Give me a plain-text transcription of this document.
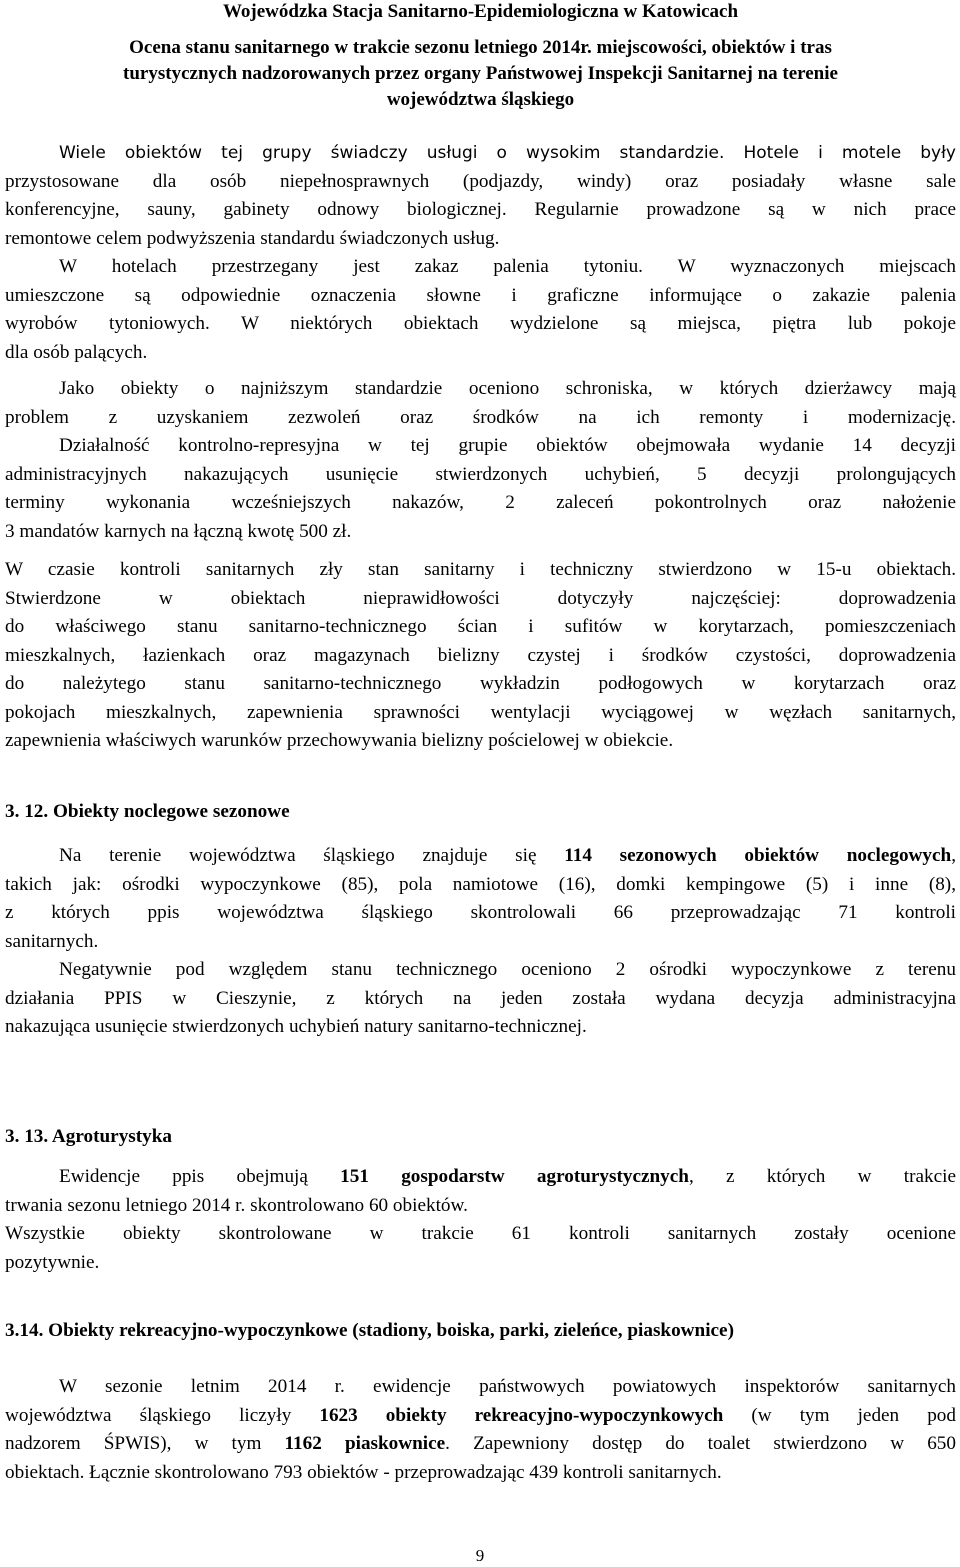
Wojewódzka Stacja Sanitarno-Epidemiologiczna w Katowicach

Ocena stanu sanitarnego w trakcie sezonu letniego 2014r. miejscowości, obiektów i tras

turystycznych nadzorowanych przez organy Państwowej Inspekcji Sanitarnej na terenie

województwa śląskiego

Wiele obiektów tej grupy świadczy usługi o wysokim standardzie. Hotele i motele były

przystosowane dla osób niepełnosprawnych (podjazdy, windy) oraz posiadały własne sale

konferencyjne, sauny, gabinety odnowy biologicznej. Regularnie prowadzone są w nich prace

remontowe celem podwyższenia standardu świadczonych usług.

W hotelach przestrzegany jest zakaz palenia tytoniu. W wyznaczonych miejscach

umieszczone są odpowiednie oznaczenia słowne i graficzne informujące o zakazie palenia

wyrobów tytoniowych. W niektórych obiektach wydzielone są miejsca, piętra lub pokoje

dla osób palących.

Jako obiekty o najniższym standardzie oceniono schroniska, w których dzierżawcy mają

problem z uzyskaniem zezwoleń oraz środków na ich remonty i modernizację.

Działalność kontrolno-represyjna w tej grupie obiektów obejmowała wydanie 14 decyzji

administracyjnych nakazujących usunięcie stwierdzonych uchybień, 5 decyzji prolongujących

terminy wykonania wcześniejszych nakazów, 2 zaleceń pokontrolnych oraz nałożenie

3 mandatów karnych na łączną kwotę 500 zł.

W czasie kontroli sanitarnych zły stan sanitarny i techniczny stwierdzono w 15-u obiektach.

Stwierdzone w obiektach nieprawidłowości dotyczyły najczęściej: doprowadzenia

do właściwego stanu sanitarno-technicznego ścian i sufitów w korytarzach, pomieszczeniach

mieszkalnych, łazienkach oraz magazynach bielizny czystej i środków czystości, doprowadzenia

do należytego stanu sanitarno-technicznego wykładzin podłogowych w korytarzach oraz

pokojach mieszkalnych, zapewnienia sprawności wentylacji wyciągowej w węzłach sanitarnych,

zapewnienia właściwych warunków przechowywania bielizny pościelowej w obiekcie.

3. 12. Obiekty noclegowe sezonowe

Na terenie województwa śląskiego znajduje się 114 sezonowych obiektów noclegowych,

takich jak: ośrodki wypoczynkowe (85), pola namiotowe (16), domki kempingowe (5) i inne (8),

z których ppis województwa śląskiego skontrolowali 66 przeprowadzając 71 kontroli

sanitarnych.

Negatywnie pod względem stanu technicznego oceniono 2 ośrodki wypoczynkowe z terenu

działania PPIS w Cieszynie, z których na jeden została wydana decyzja administracyjna

nakazująca usunięcie stwierdzonych uchybień natury sanitarno-technicznej.

3. 13. Agroturystyka

Ewidencje ppis obejmują 151 gospodarstw agroturystycznych, z których w trakcie

trwania sezonu letniego 2014 r. skontrolowano 60 obiektów.

Wszystkie obiekty skontrolowane w trakcie 61 kontroli sanitarnych zostały ocenione

pozytywnie.

3.14. Obiekty rekreacyjno-wypoczynkowe (stadiony, boiska, parki, zieleńce, piaskownice)

W sezonie letnim 2014 r. ewidencje państwowych powiatowych inspektorów sanitarnych

województwa śląskiego liczyły 1623 obiekty rekreacyjno-wypoczynkowych (w tym jeden pod

nadzorem ŚPWIS), w tym 1162 piaskownice. Zapewniony dostęp do toalet stwierdzono w 650

obiektach. Łącznie skontrolowano 793 obiektów - przeprowadzając 439 kontroli sanitarnych.

9
